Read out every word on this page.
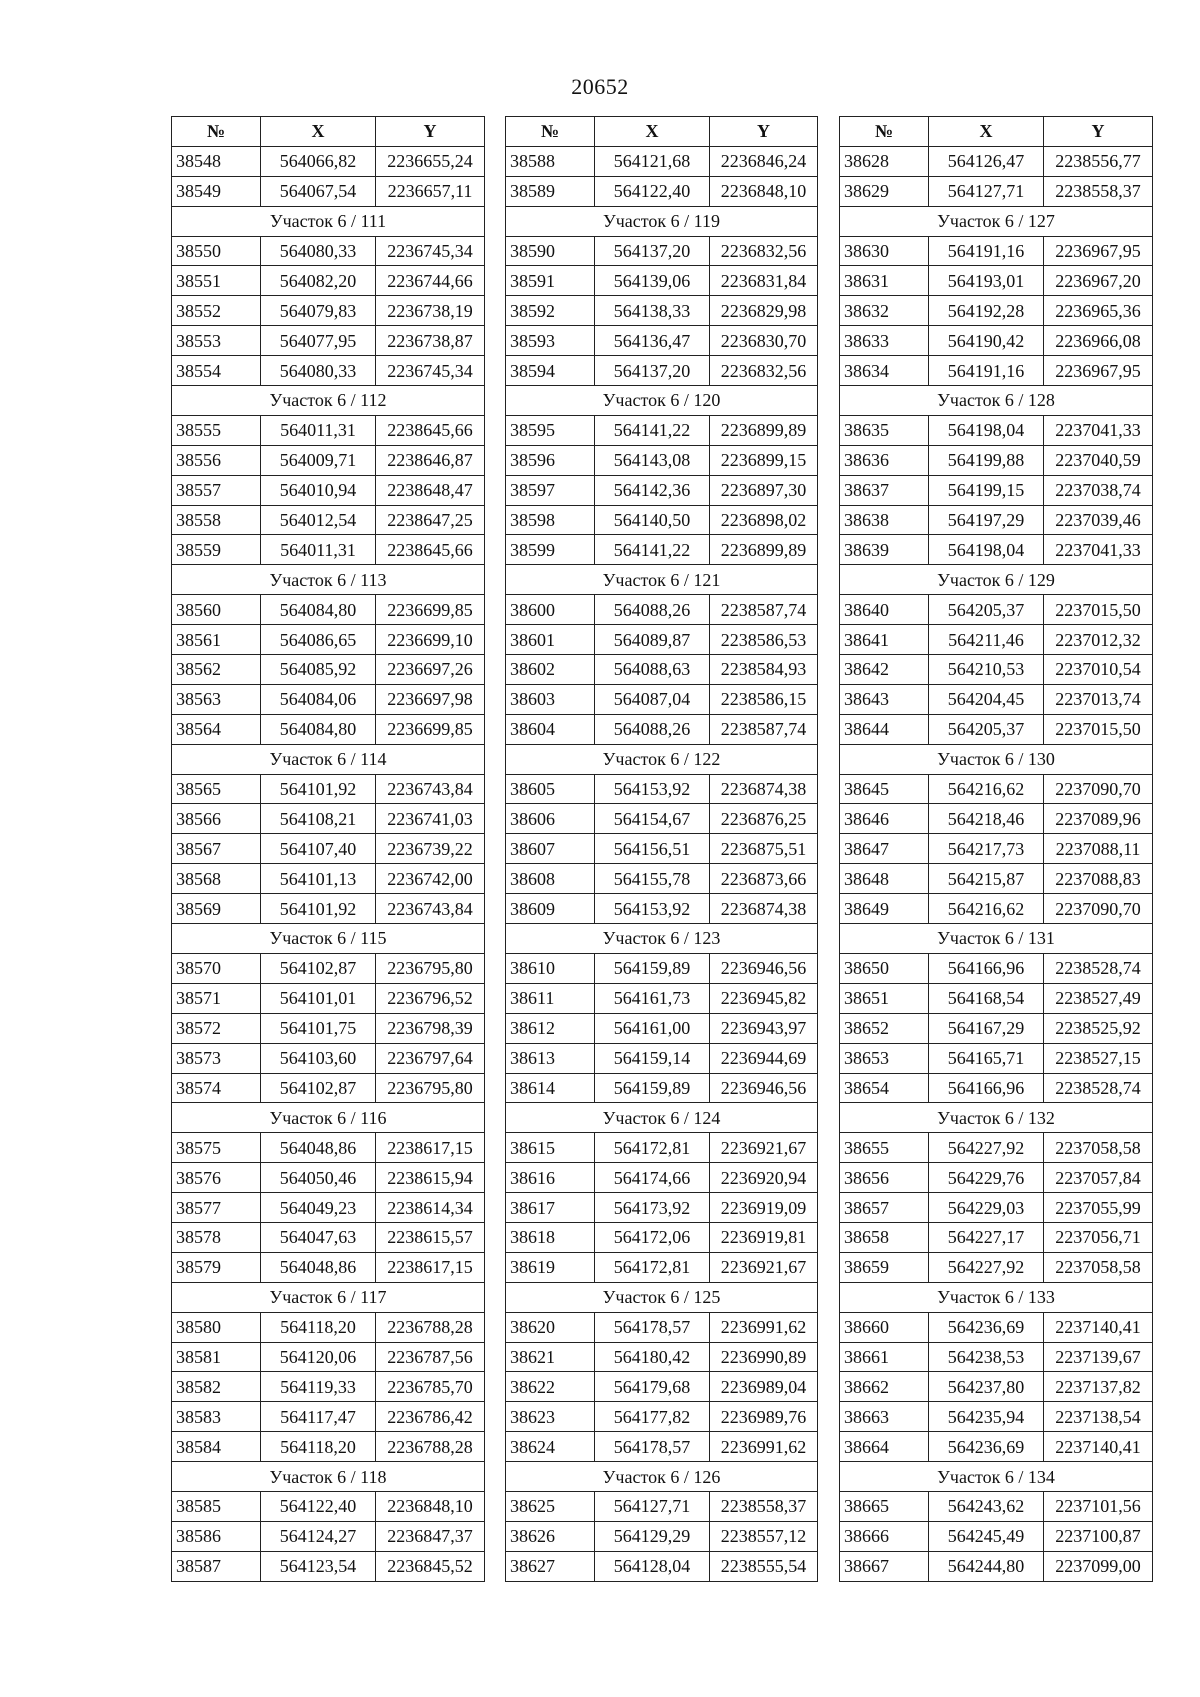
20652
№	X	Y
38548	564066,82	2236655,24
38549	564067,54	2236657,11
Участок 6 / 111		
38550	564080,33	2236745,34
38551	564082,20	2236744,66
38552	564079,83	2236738,19
38553	564077,95	2236738,87
38554	564080,33	2236745,34
Участок 6 / 112		
38555	564011,31	2238645,66
38556	564009,71	2238646,87
38557	564010,94	2238648,47
38558	564012,54	2238647,25
38559	564011,31	2238645,66
Участок 6 / 113		
38560	564084,80	2236699,85
38561	564086,65	2236699,10
38562	564085,92	2236697,26
38563	564084,06	2236697,98
38564	564084,80	2236699,85
Участок 6 / 114		
38565	564101,92	2236743,84
38566	564108,21	2236741,03
38567	564107,40	2236739,22
38568	564101,13	2236742,00
38569	564101,92	2236743,84
Участок 6 / 115		
38570	564102,87	2236795,80
38571	564101,01	2236796,52
38572	564101,75	2236798,39
38573	564103,60	2236797,64
38574	564102,87	2236795,80
Участок 6 / 116		
38575	564048,86	2238617,15
38576	564050,46	2238615,94
38577	564049,23	2238614,34
38578	564047,63	2238615,57
38579	564048,86	2238617,15
Участок 6 / 117		
38580	564118,20	2236788,28
38581	564120,06	2236787,56
38582	564119,33	2236785,70
38583	564117,47	2236786,42
38584	564118,20	2236788,28
Участок 6 / 118		
38585	564122,40	2236848,10
38586	564124,27	2236847,37
38587	564123,54	2236845,52
№	X	Y
38588	564121,68	2236846,24
38589	564122,40	2236848,10
Участок 6 / 119		
38590	564137,20	2236832,56
38591	564139,06	2236831,84
38592	564138,33	2236829,98
38593	564136,47	2236830,70
38594	564137,20	2236832,56
Участок 6 / 120		
38595	564141,22	2236899,89
38596	564143,08	2236899,15
38597	564142,36	2236897,30
38598	564140,50	2236898,02
38599	564141,22	2236899,89
Участок 6 / 121		
38600	564088,26	2238587,74
38601	564089,87	2238586,53
38602	564088,63	2238584,93
38603	564087,04	2238586,15
38604	564088,26	2238587,74
Участок 6 / 122		
38605	564153,92	2236874,38
38606	564154,67	2236876,25
38607	564156,51	2236875,51
38608	564155,78	2236873,66
38609	564153,92	2236874,38
Участок 6 / 123		
38610	564159,89	2236946,56
38611	564161,73	2236945,82
38612	564161,00	2236943,97
38613	564159,14	2236944,69
38614	564159,89	2236946,56
Участок 6 / 124		
38615	564172,81	2236921,67
38616	564174,66	2236920,94
38617	564173,92	2236919,09
38618	564172,06	2236919,81
38619	564172,81	2236921,67
Участок 6 / 125		
38620	564178,57	2236991,62
38621	564180,42	2236990,89
38622	564179,68	2236989,04
38623	564177,82	2236989,76
38624	564178,57	2236991,62
Участок 6 / 126		
38625	564127,71	2238558,37
38626	564129,29	2238557,12
38627	564128,04	2238555,54
№	X	Y
38628	564126,47	2238556,77
38629	564127,71	2238558,37
Участок 6 / 127		
38630	564191,16	2236967,95
38631	564193,01	2236967,20
38632	564192,28	2236965,36
38633	564190,42	2236966,08
38634	564191,16	2236967,95
Участок 6 / 128		
38635	564198,04	2237041,33
38636	564199,88	2237040,59
38637	564199,15	2237038,74
38638	564197,29	2237039,46
38639	564198,04	2237041,33
Участок 6 / 129		
38640	564205,37	2237015,50
38641	564211,46	2237012,32
38642	564210,53	2237010,54
38643	564204,45	2237013,74
38644	564205,37	2237015,50
Участок 6 / 130		
38645	564216,62	2237090,70
38646	564218,46	2237089,96
38647	564217,73	2237088,11
38648	564215,87	2237088,83
38649	564216,62	2237090,70
Участок 6 / 131		
38650	564166,96	2238528,74
38651	564168,54	2238527,49
38652	564167,29	2238525,92
38653	564165,71	2238527,15
38654	564166,96	2238528,74
Участок 6 / 132		
38655	564227,92	2237058,58
38656	564229,76	2237057,84
38657	564229,03	2237055,99
38658	564227,17	2237056,71
38659	564227,92	2237058,58
Участок 6 / 133		
38660	564236,69	2237140,41
38661	564238,53	2237139,67
38662	564237,80	2237137,82
38663	564235,94	2237138,54
38664	564236,69	2237140,41
Участок 6 / 134		
38665	564243,62	2237101,56
38666	564245,49	2237100,87
38667	564244,80	2237099,00
